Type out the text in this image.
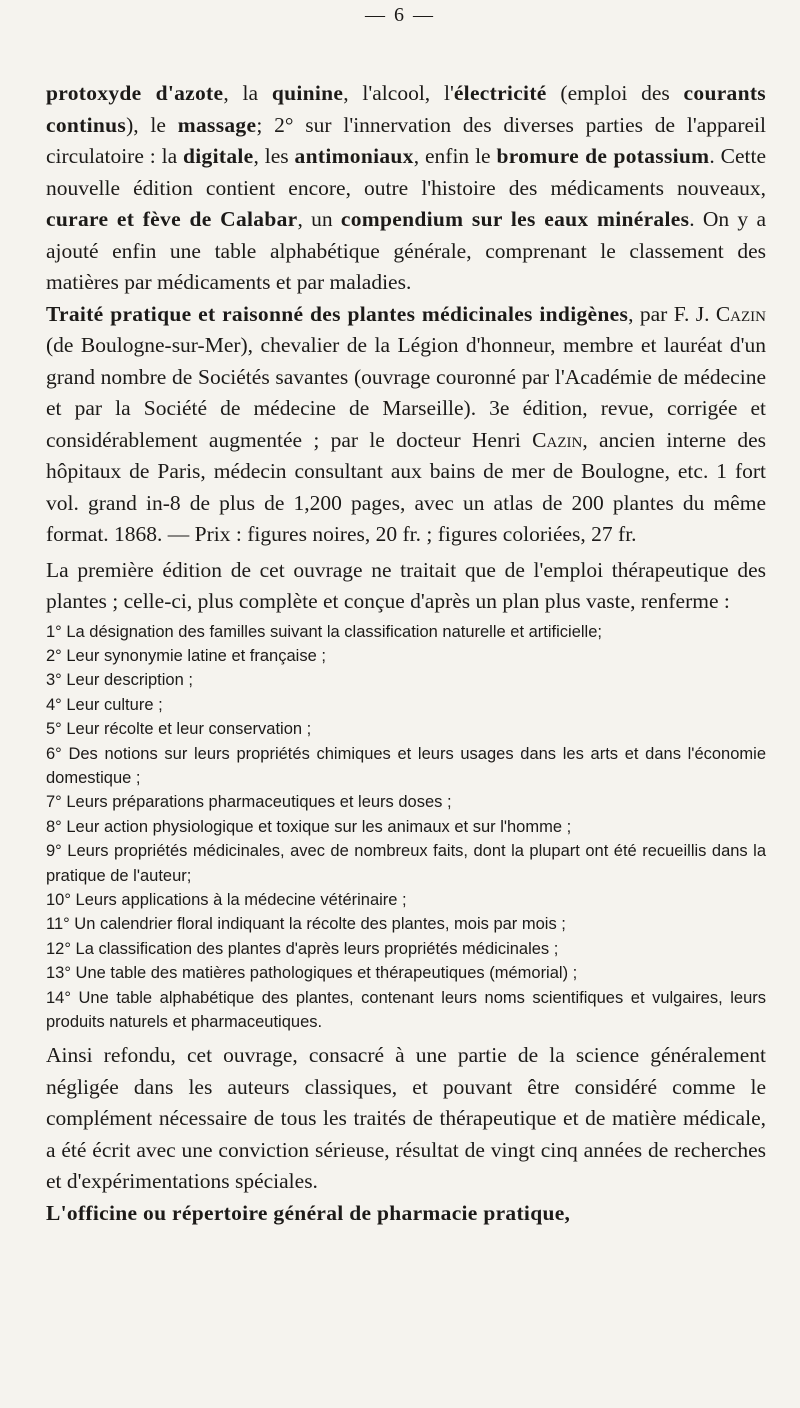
— 6 —

protoxyde d'azote, la quinine, l'alcool, l'électricité (emploi des courants continus), le massage; 2° sur l'innervation des diverses parties de l'appareil circulatoire : la digitale, les antimoniaux, enfin le bromure de potassium. Cette nouvelle édition contient encore, outre l'histoire des médicaments nouveaux, curare et fève de Calabar, un compendium sur les eaux minérales. On y a ajouté enfin une table alphabétique générale, comprenant le classement des matières par médicaments et par maladies.

Traité pratique et raisonné des plantes médicinales indigènes, par F. J. Cazin (de Boulogne-sur-Mer), chevalier de la Légion d'honneur, membre et lauréat d'un grand nombre de Sociétés savantes (ouvrage couronné par l'Académie de médecine et par la Société de médecine de Marseille). 3e édition, revue, corrigée et considérablement augmentée ; par le docteur Henri Cazin, ancien interne des hôpitaux de Paris, médecin consultant aux bains de mer de Boulogne, etc. 1 fort vol. grand in-8 de plus de 1,200 pages, avec un atlas de 200 plantes du même format. 1868. — Prix : figures noires, 20 fr. ; figures coloriées, 27 fr.

La première édition de cet ouvrage ne traitait que de l'emploi thérapeutique des plantes ; celle-ci, plus complète et conçue d'après un plan plus vaste, renferme :

1° La désignation des familles suivant la classification naturelle et artificielle;

2° Leur synonymie latine et française ;

3° Leur description ;

4° Leur culture ;

5° Leur récolte et leur conservation ;

6° Des notions sur leurs propriétés chimiques et leurs usages dans les arts et dans l'économie domestique ;

7° Leurs préparations pharmaceutiques et leurs doses ;

8° Leur action physiologique et toxique sur les animaux et sur l'homme ;

9° Leurs propriétés médicinales, avec de nombreux faits, dont la plupart ont été recueillis dans la pratique de l'auteur;

10° Leurs applications à la médecine vétérinaire ;

11° Un calendrier floral indiquant la récolte des plantes, mois par mois ;

12° La classification des plantes d'après leurs propriétés médicinales ;

13° Une table des matières pathologiques et thérapeutiques (mémorial) ;

14° Une table alphabétique des plantes, contenant leurs noms scientifiques et vulgaires, leurs produits naturels et pharmaceutiques.

Ainsi refondu, cet ouvrage, consacré à une partie de la science généralement négligée dans les auteurs classiques, et pouvant être considéré comme le complément nécessaire de tous les traités de thérapeutique et de matière médicale, a été écrit avec une conviction sérieuse, résultat de vingt cinq années de recherches et d'expérimentations spéciales.

L'officine ou répertoire général de pharmacie pratique,
